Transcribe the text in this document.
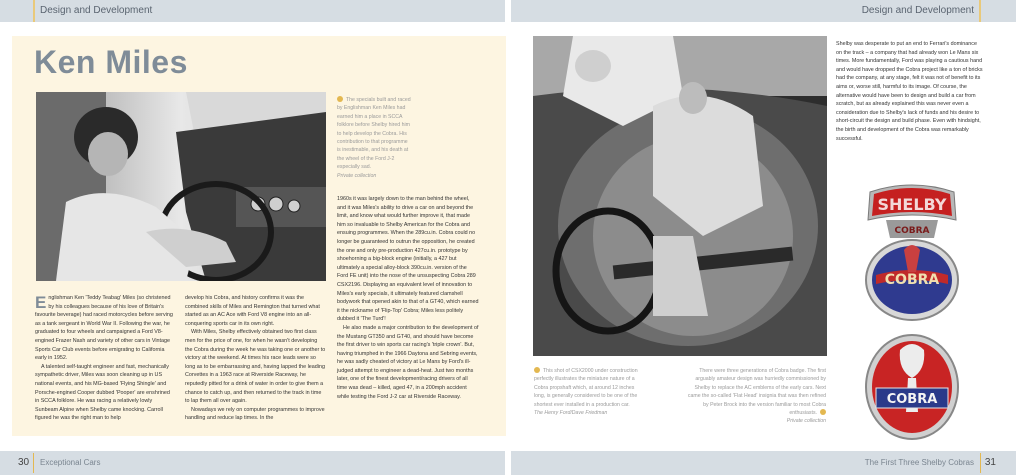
Design and Development	Design and Development
Ken Miles
The specials built and raced by Englishman Ken Miles had earned him a place in SCCA folklore before Shelby hired him to help develop the Cobra. His contribution to that programme is inestimable, and his death at the wheel of the Ford J-2 especially sad.
Private collection

Englishman Ken 'Teddy Teabag' Miles (so christened by his colleagues because of his love of Britain's favourite beverage) had raced motorcycles before serving as a tank sergeant in World War II. Following the war, he graduated to four wheels and campaigned a Ford V8-engined Frazer Nash and variety of other cars in Vintage Sports Car Club events before emigrating to California early in 1952.

A talented self-taught engineer and fast, mechanically sympathetic driver, Miles was soon cleaning up in US national events, and his MG-based 'Flying Shingle' and Porsche-engined Cooper dubbed 'Pooper' are enshrined in SCCA folklore. He was racing a relatively lowly Sunbeam Alpine when Shelby came knocking. Carroll figured he was the right man to help

develop his Cobra, and history confirms it was the combined skills of Miles and Remington that turned what started as an AC Ace with Ford V8 engine into an all-conquering sports car in its own right.

With Miles, Shelby effectively obtained two first class men for the price of one, for when he wasn't developing the Cobra during the week he was taking one or another to victory at the weekend. At times his race leads were so long as to be embarrassing and, having lapped the leading Corvettes in a 1963 race at Riverside Raceway, he reputedly pitted for a drink of water in order to give them a chance to catch up, and then returned to the track in time to lap them all over again.

Nowadays we rely on computer programmes to improve handling and reduce lap times. In the

1960s it was largely down to the man behind the wheel, and it was Miles's ability to drive a car on and beyond the limit, and know what would further improve it, that made him so invaluable to Shelby American for the Cobra and ensuing programmes. When the 289cu.in. Cobra could no longer be guaranteed to outrun the opposition, he created the one and only pre-production 427cu.in. prototype by shoehorning a big-block engine (initially, a 427 but ultimately a special alloy-block 390cu.in. version of the Ford FE unit) into the nose of the unsuspecting Cobra 289 CSX2196. Displaying an equivalent level of innovation to Miles's early specials, it ultimately featured clamshell bodywork that opened akin to that of a GT40, which earned it the nickname of 'Flip-Top' Cobra; Miles less politely dubbed it 'The Turd'!

He also made a major contribution to the development of the Mustang GT350 and GT40, and should have become the first driver to win sports car racing's 'triple crown'. But, having triumphed in the 1966 Daytona and Sebring events, he was sadly cheated of victory at Le Mans by Ford's ill-judged attempt to engineer a dead-heat. Just two months later, one of the finest development/racing drivers of all time was dead – killed, aged 47, in a 200mph accident while testing the Ford J-2 car at Riverside Raceway.

Shelby was desperate to put an end to Ferrari's dominance on the track – a company that had already won Le Mans six times. More fundamentally, Ford was playing a cautious hand and would have dropped the Cobra project like a ton of bricks had the company, at any stage, felt it was not of benefit to its aims or, worse still, harmful to its image. Of course, the alternative would have been to design and build a car from scratch, but as already explained this was never even a consideration due to Shelby's lack of funds and his desire to short-circuit the design and build phase. Even with hindsight, the birth and development of the Cobra was remarkably successful.

This shot of CSX2000 under construction perfectly illustrates the miniature nature of a Cobra propshaft which, at around 12 inches long, is generally considered to be one of the shortest ever installed in a production car.
The Henry Ford/Dave Friedman
There were three generations of Cobra badge. The first arguably amateur design was hurriedly commissioned by Shelby to replace the AC emblems of the early cars. Next came the so-called 'Flat Head' insignia that was then refined by Peter Brock into the version familiar to most Cobra enthusiasts.
Private collection
SHELBY
COBRA
COBRA
COBRA
30 Exceptional Cars	The First Three Shelby Cobras 31
